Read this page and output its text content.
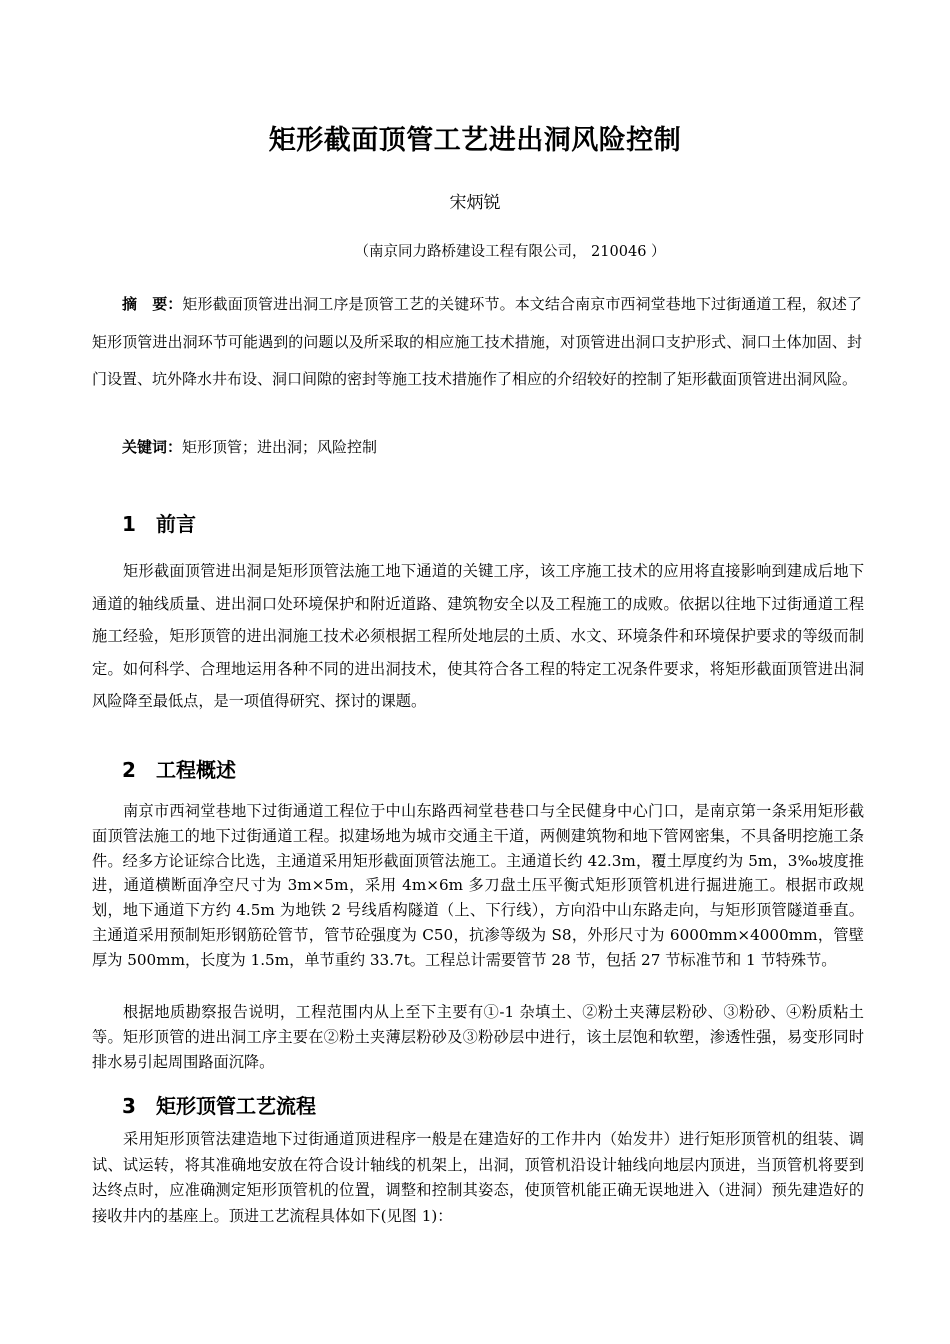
矩形截面顶管工艺进出洞风险控制
宋炳锐
（南京同力路桥建设工程有限公司， 210046 ）
摘　要：矩形截面顶管进出洞工序是顶管工艺的关键环节。本文结合南京市西祠堂巷地下过街通道工程，叙述了矩形顶管进出洞环节可能遇到的问题以及所采取的相应施工技术措施，对顶管进出洞口支护形式、洞口土体加固、封门设置、坑外降水井布设、洞口间隙的密封等施工技术措施作了相应的介绍较好的控制了矩形截面顶管进出洞风险。
关键词：矩形顶管；进出洞；风险控制
1 前言
矩形截面顶管进出洞是矩形顶管法施工地下通道的关键工序，该工序施工技术的应用将直接影响到建成后地下通道的轴线质量、进出洞口处环境保护和附近道路、建筑物安全以及工程施工的成败。依据以往地下过街通道工程施工经验，矩形顶管的进出洞施工技术必须根据工程所处地层的土质、水文、环境条件和环境保护要求的等级而制定。如何科学、合理地运用各种不同的进出洞技术，使其符合各工程的特定工况条件要求，将矩形截面顶管进出洞风险降至最低点，是一项值得研究、探讨的课题。
2 工程概述
南京市西祠堂巷地下过街通道工程位于中山东路西祠堂巷巷口与全民健身中心门口，是南京第一条采用矩形截面顶管法施工的地下过街通道工程。拟建场地为城市交通主干道，两侧建筑物和地下管网密集，不具备明挖施工条件。经多方论证综合比选，主通道采用矩形截面顶管法施工。主通道长约 42.3m，覆土厚度约为 5m，3‰坡度推进，通道横断面净空尺寸为 3m×5m，采用 4m×6m 多刀盘土压平衡式矩形顶管机进行掘进施工。根据市政规划，地下通道下方约 4.5m 为地铁 2 号线盾构隧道（上、下行线），方向沿中山东路走向，与矩形顶管隧道垂直。主通道采用预制矩形钢筋砼管节，管节砼强度为 C50，抗渗等级为 S8，外形尺寸为 6000mm×4000mm，管壁厚为 500mm，长度为 1.5m，单节重约 33.7t。工程总计需要管节 28 节，包括 27 节标准节和 1 节特殊节。
根据地质勘察报告说明，工程范围内从上至下主要有①-1 杂填土、②粉土夹薄层粉砂、③粉砂、④粉质粘土等。矩形顶管的进出洞工序主要在②粉土夹薄层粉砂及③粉砂层中进行，该土层饱和软塑，渗透性强，易变形同时排水易引起周围路面沉降。
3 矩形顶管工艺流程
采用矩形顶管法建造地下过街通道顶进程序一般是在建造好的工作井内（始发井）进行矩形顶管机的组装、调试、试运转，将其准确地安放在符合设计轴线的机架上，出洞，顶管机沿设计轴线向地层内顶进，当顶管机将要到达终点时，应准确测定矩形顶管机的位置，调整和控制其姿态，使顶管机能正确无误地进入（进洞）预先建造好的接收井内的基座上。顶进工艺流程具体如下(见图 1)：
